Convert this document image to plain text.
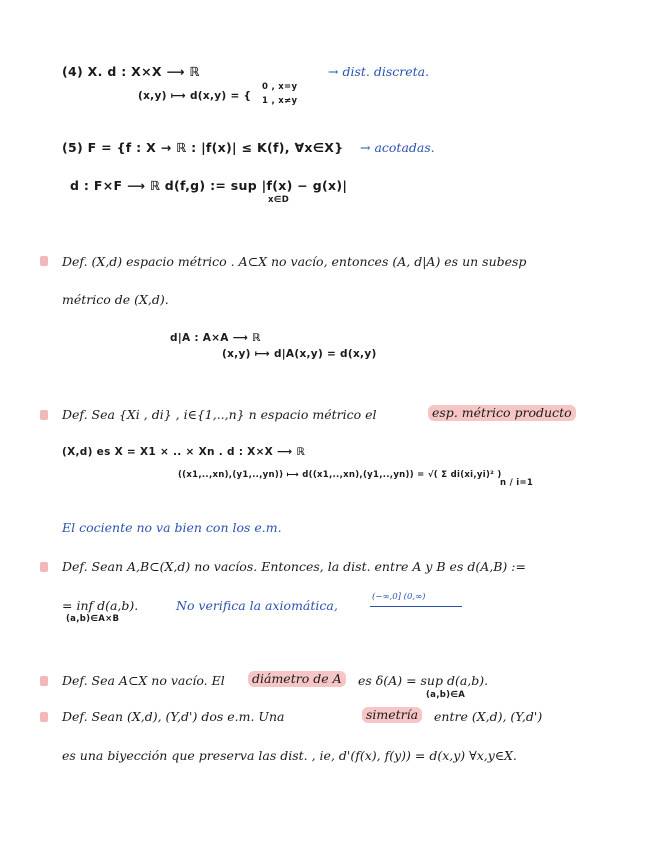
(4) X. d : X×X ⟶ ℝ
(x,y) ⟼ d(x,y) = {
0 , x=y
1 , x≠y
→ dist. discreta.
(5) F = {f : X → ℝ : |f(x)| ≤ K(f), ∀x∈X} → acotadas.
d : F×F ⟶ ℝ d(f,g) := sup |f(x) − g(x)|
x∈D
Def. (X,d) espacio métrico . A⊂X no vacío, entonces (A, d|A) es un subesp
métrico de (X,d).
d|A : A×A ⟶ ℝ
(x,y) ⟼ d|A(x,y) = d(x,y)
Def. Sea {Xi , di} , i∈{1,..,n} n espacio métrico el	esp. métrico producto
(X,d) es X = X1 × .. × Xn . d : X×X ⟶ ℝ
((x1,..,xn),(y1,..,yn)) ⟼ d((x1,..,xn),(y1,..,yn)) = √( Σ di(xi,yi)² )
n / i=1
El cociente no va bien con los e.m.
Def. Sean A,B⊂(X,d) no vacíos. Entonces, la dist. entre A y B es d(A,B) :=
= inf d(a,b).	No verifica la axiomática,
(−∞,0] (0,∞)
(a,b)∈A×B
Def. Sea A⊂X no vacío. El	diámetro de A	es δ(A) = sup d(a,b).
(a,b)∈A
Def. Sean (X,d), (Y,d') dos e.m. Una	simetría	entre (X,d), (Y,d')
es una biyección que preserva las dist. , ie, d'(f(x), f(y)) = d(x,y) ∀x,y∈X.
